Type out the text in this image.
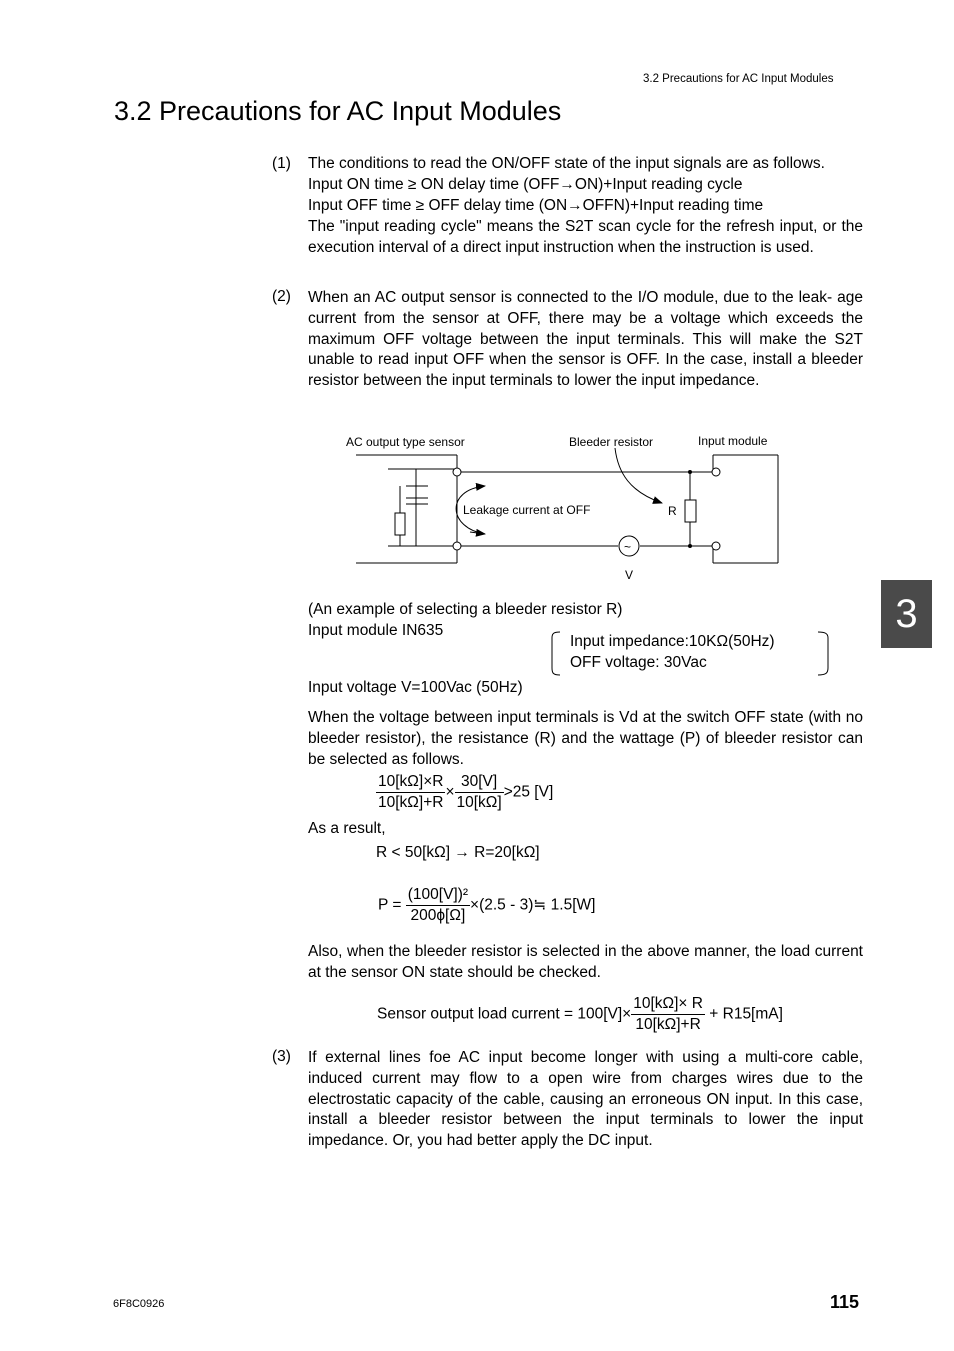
3.2 Precautions for AC Input Modules
3.2 Precautions for AC Input Modules
(1) The conditions to read the ON/OFF state of the input signals are as follows.
Input ON time ≥ ON delay time (OFF→ON)+Input reading cycle
Input OFF time ≥ OFF delay time (ON→OFFN)+Input reading time
The "input reading cycle" means the S2T scan cycle for the refresh input, or the execution interval of a direct input instruction when the instruction is used.
(2) When an AC output sensor is connected to the I/O module, due to the leak- age current from the sensor at OFF, there may be a voltage which exceeds the maximum OFF voltage between the input terminals. This will make the S2T unable to read input OFF when the sensor is OFF. In the case, install a bleeder resistor between the input terminals to lower the input impedance.
AC output type sensor	Bleeder resistor	Input module
Leakage current at OFF	R
V
~
(An example of selecting a bleeder resistor R)
Input module IN635
Input impedance:10KΩ(50Hz)
OFF voltage: 30Vac
Input voltage V=100Vac (50Hz)
When the voltage between input terminals is Vd at the switch OFF state (with no bleeder resistor), the resistance (R) and the wattage (P) of bleeder resistor can be selected as follows.
$\frac{10[k\Omega]\times R}{10[k\Omega]+R} \times \frac{30[V]}{10[k\Omega]} >25$ [V]
As a result,
R < 50[kΩ] → R=20[kΩ]
$P = \frac{\text{(100[V])²}}{200\phi[\Omega]} \times(2.5$ - 3)≒ 1.5[W]
Also, when the bleeder resistor is selected in the above manner, the load current at the sensor ON state should be checked.
Sensor output load current = $100[V]\times \frac{10[k\Omega]\times R}{10[k\Omega]+R} + R15[mA]$
(3) If external lines foe AC input become longer with using a multi-core cable, induced current may flow to a open wire from charges wires due to the electrostatic capacity of the cable, causing an erroneous ON input. In this case, install a bleeder resistor between the input terminals to lower the input impedance. Or, you had better apply the DC input.
3
6F8C0926	115
